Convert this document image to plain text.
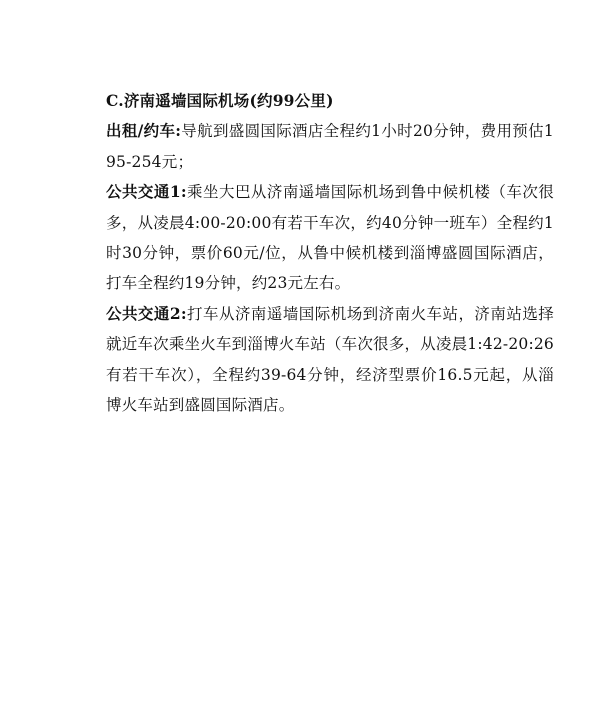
C.济南遥墙国际机场(约99公里)

出租/约车:导航到盛圆国际酒店全程约1小时20分钟，费用预估195-254元；

公共交通1:乘坐大巴从济南遥墙国际机场到鲁中候机楼（车次很多，从凌晨4:00-20:00有若干车次，约40分钟一班车）全程约1时30分钟，票价60元/位，从鲁中候机楼到淄博盛圆国际酒店，打车全程约19分钟，约23元左右。

公共交通2:打车从济南遥墙国际机场到济南火车站，济南站选择就近车次乘坐火车到淄博火车站（车次很多，从凌晨1:42-20:26有若干车次），全程约39-64分钟，经济型票价16.5元起，从淄博火车站到盛圆国际酒店。
